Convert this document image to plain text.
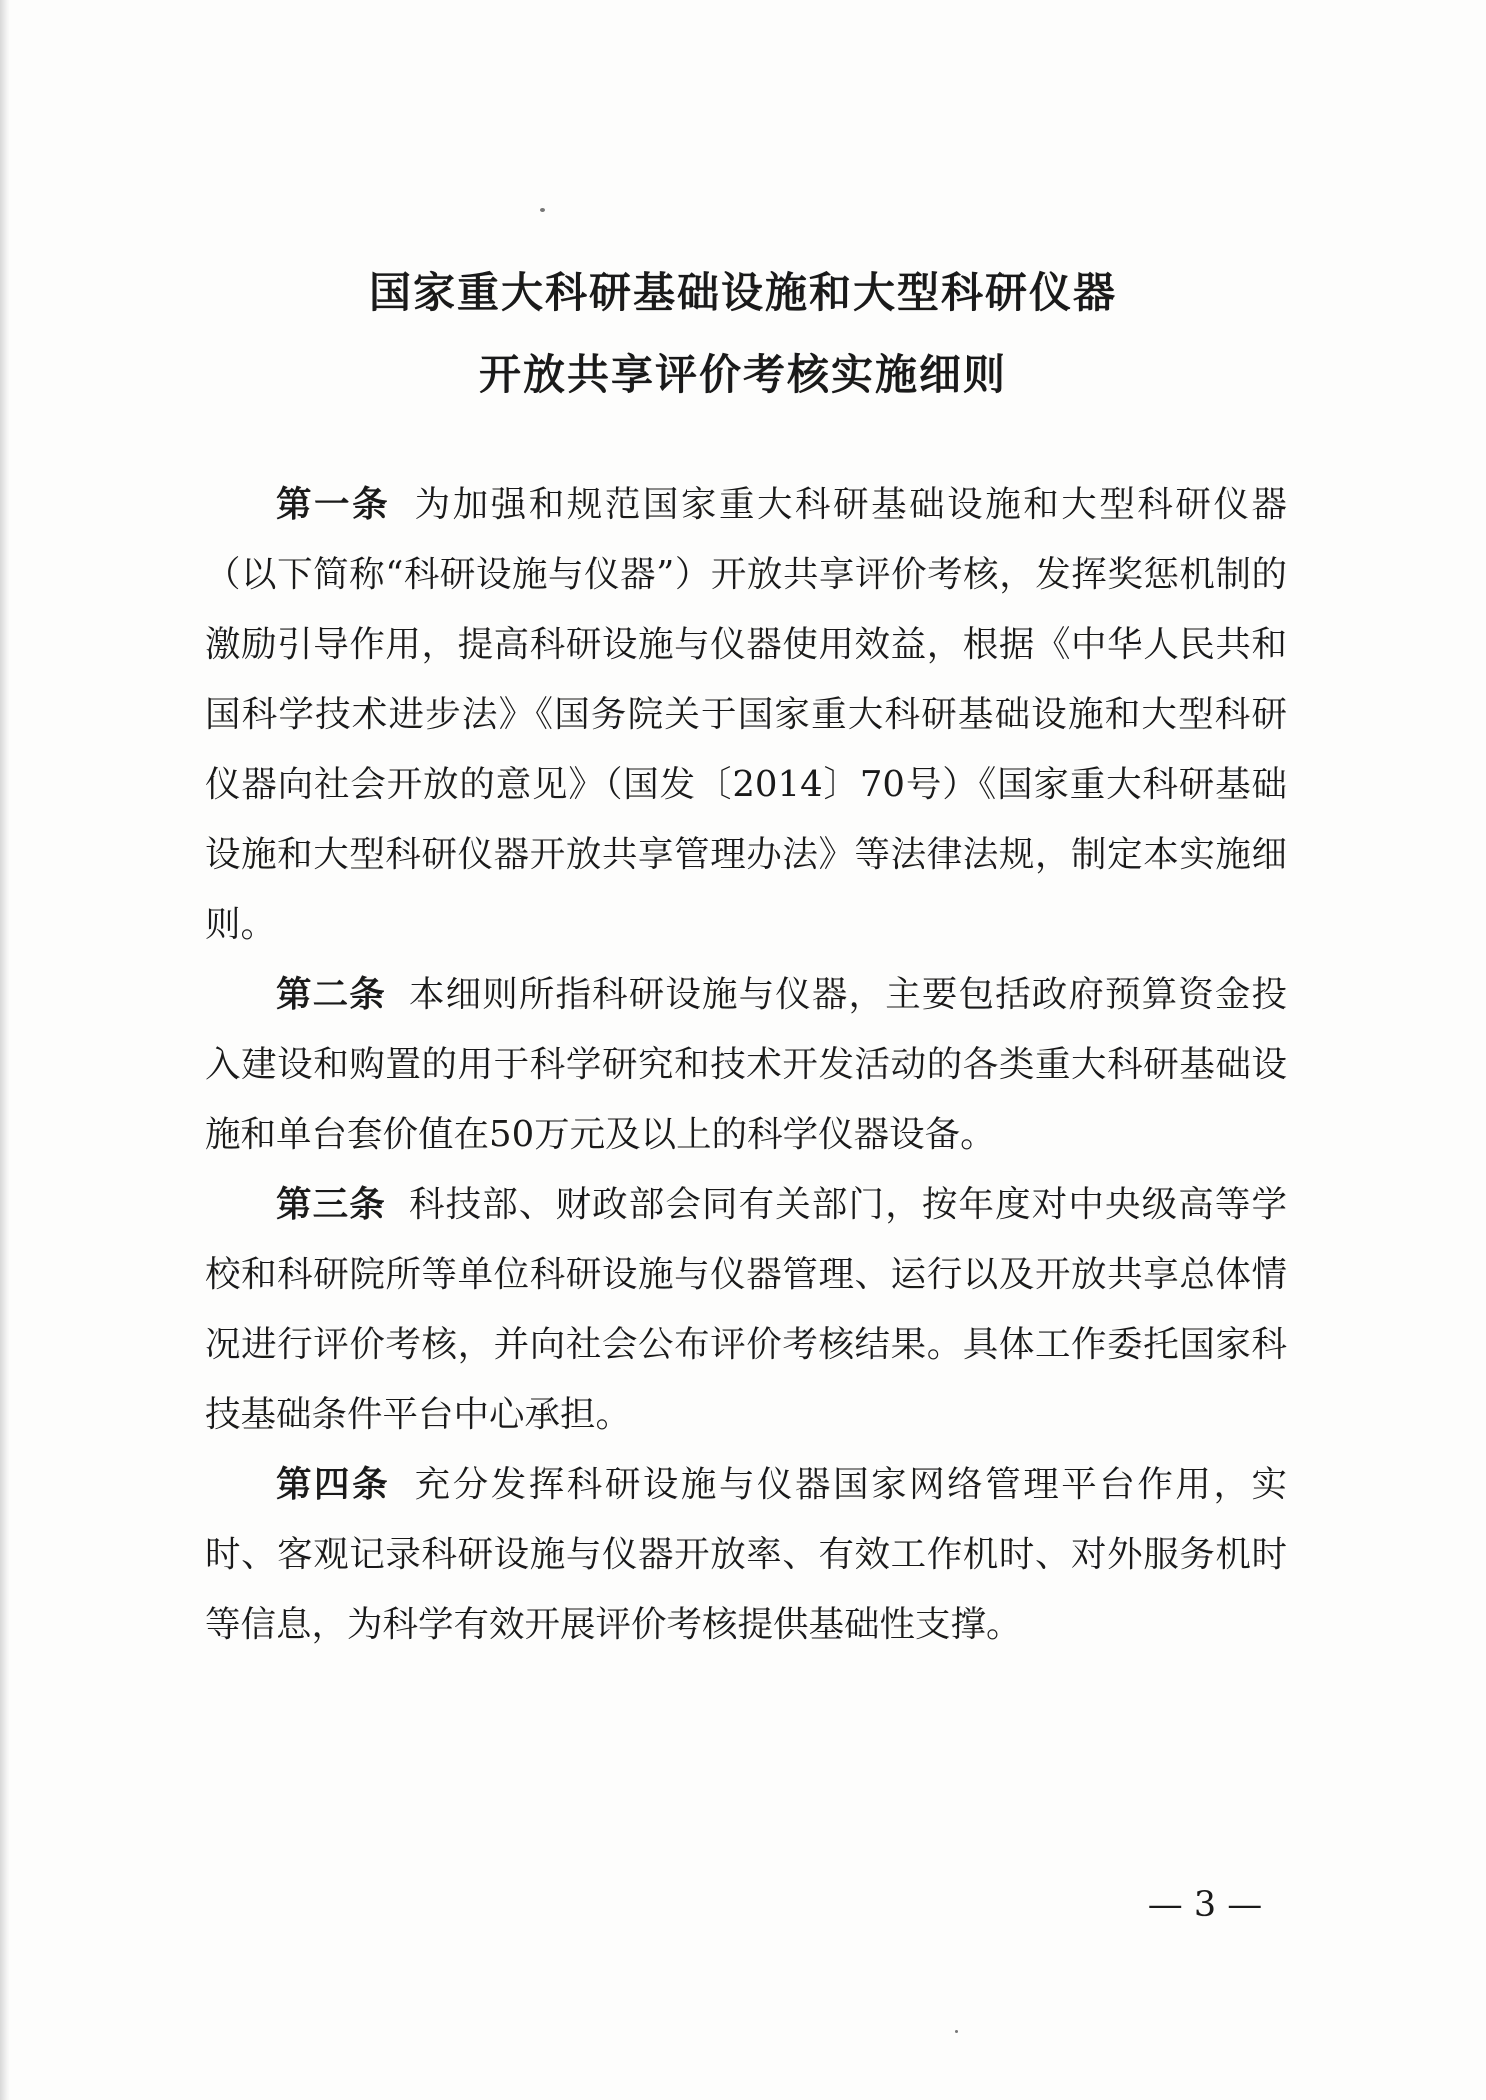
国家重大科研基础设施和大型科研仪器
开放共享评价考核实施细则

第一条 为加强和规范国家重大科研基础设施和大型科研仪器（以下简称“科研设施与仪器”）开放共享评价考核，发挥奖惩机制的激励引导作用，提高科研设施与仪器使用效益，根据《中华人民共和国科学技术进步法》《国务院关于国家重大科研基础设施和大型科研仪器向社会开放的意见》（国发〔2014〕70号）《国家重大科研基础设施和大型科研仪器开放共享管理办法》等法律法规，制定本实施细则。

第二条 本细则所指科研设施与仪器，主要包括政府预算资金投入建设和购置的用于科学研究和技术开发活动的各类重大科研基础设施和单台套价值在50万元及以上的科学仪器设备。

第三条 科技部、财政部会同有关部门，按年度对中央级高等学校和科研院所等单位科研设施与仪器管理、运行以及开放共享总体情况进行评价考核，并向社会公布评价考核结果。具体工作委托国家科技基础条件平台中心承担。

第四条 充分发挥科研设施与仪器国家网络管理平台作用，实时、客观记录科研设施与仪器开放率、有效工作机时、对外服务机时等信息，为科学有效开展评价考核提供基础性支撑。

— 3 —
